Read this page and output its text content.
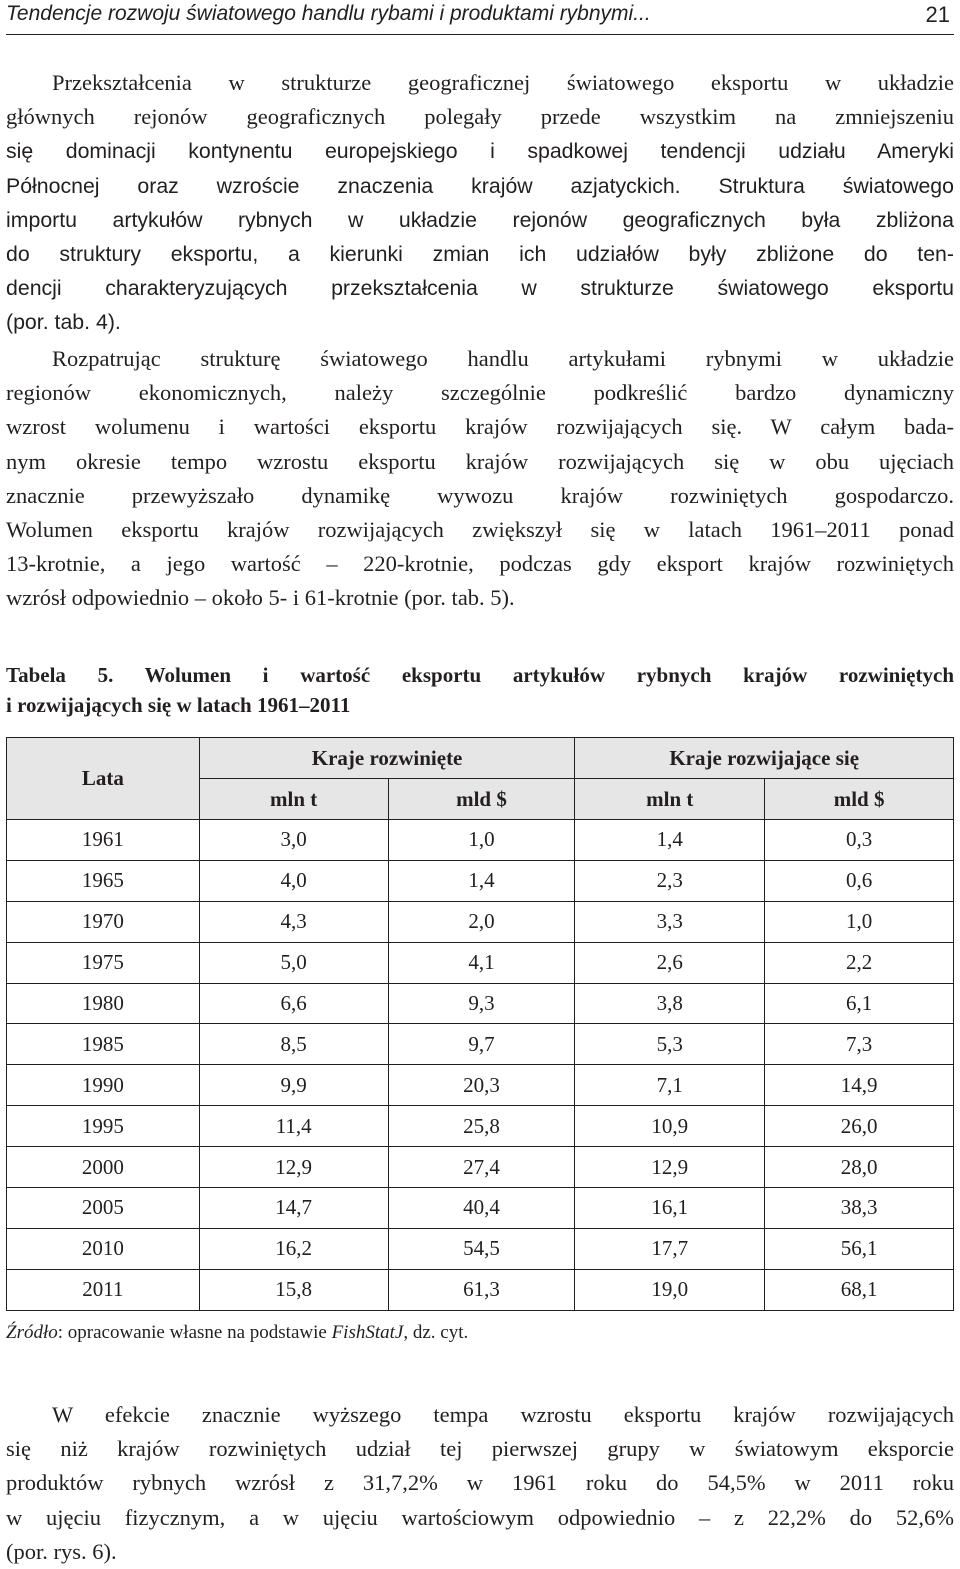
Tendencje rozwoju światowego handlu rybami i produktami rybnymi...	21
Przekształcenia w strukturze geograficznej światowego eksportu w układzie
głównych rejonów geograficznych polegały przede wszystkim na zmniejszeniu
się dominacji kontynentu europejskiego i spadkowej tendencji udziału Ameryki
Północnej oraz wzroście znaczenia krajów azjatyckich. Struktura światowego
importu artykułów rybnych w układzie rejonów geograficznych była zbliżona
do struktury eksportu, a kierunki zmian ich udziałów były zbliżone do ten-
dencji charakteryzujących przekształcenia w strukturze światowego eksportu
(por. tab. 4).
Rozpatrując strukturę światowego handlu artykułami rybnymi w układzie
regionów ekonomicznych, należy szczególnie podkreślić bardzo dynamiczny
wzrost wolumenu i wartości eksportu krajów rozwijających się. W całym bada-
nym okresie tempo wzrostu eksportu krajów rozwijających się w obu ujęciach
znacznie przewyższało dynamikę wywozu krajów rozwiniętych gospodarczo.
Wolumen eksportu krajów rozwijających zwiększył się w latach 1961–2011 ponad
13-krotnie, a jego wartość – 220-krotnie, podczas gdy eksport krajów rozwiniętych
wzrósł odpowiednio – około 5- i 61-krotnie (por. tab. 5).
Tabela 5. Wolumen i wartość eksportu artykułów rybnych krajów rozwiniętych
i rozwijających się w latach 1961–2011
Lata	Kraje rozwinięte		Kraje rozwijające się	
	mln t	mld $	mln t	mld $
1961	3,0	1,0	1,4	0,3
1965	4,0	1,4	2,3	0,6
1970	4,3	2,0	3,3	1,0
1975	5,0	4,1	2,6	2,2
1980	6,6	9,3	3,8	6,1
1985	8,5	9,7	5,3	7,3
1990	9,9	20,3	7,1	14,9
1995	11,4	25,8	10,9	26,0
2000	12,9	27,4	12,9	28,0
2005	14,7	40,4	16,1	38,3
2010	16,2	54,5	17,7	56,1
2011	15,8	61,3	19,0	68,1
Źródło: opracowanie własne na podstawie FishStatJ, dz. cyt.
W efekcie znacznie wyższego tempa wzrostu eksportu krajów rozwijających
się niż krajów rozwiniętych udział tej pierwszej grupy w światowym eksporcie
produktów rybnych wzrósł z 31,7,2% w 1961 roku do 54,5% w 2011 roku
w ujęciu fizycznym, a w ujęciu wartościowym odpowiednio – z 22,2% do 52,6%
(por. rys. 6).
